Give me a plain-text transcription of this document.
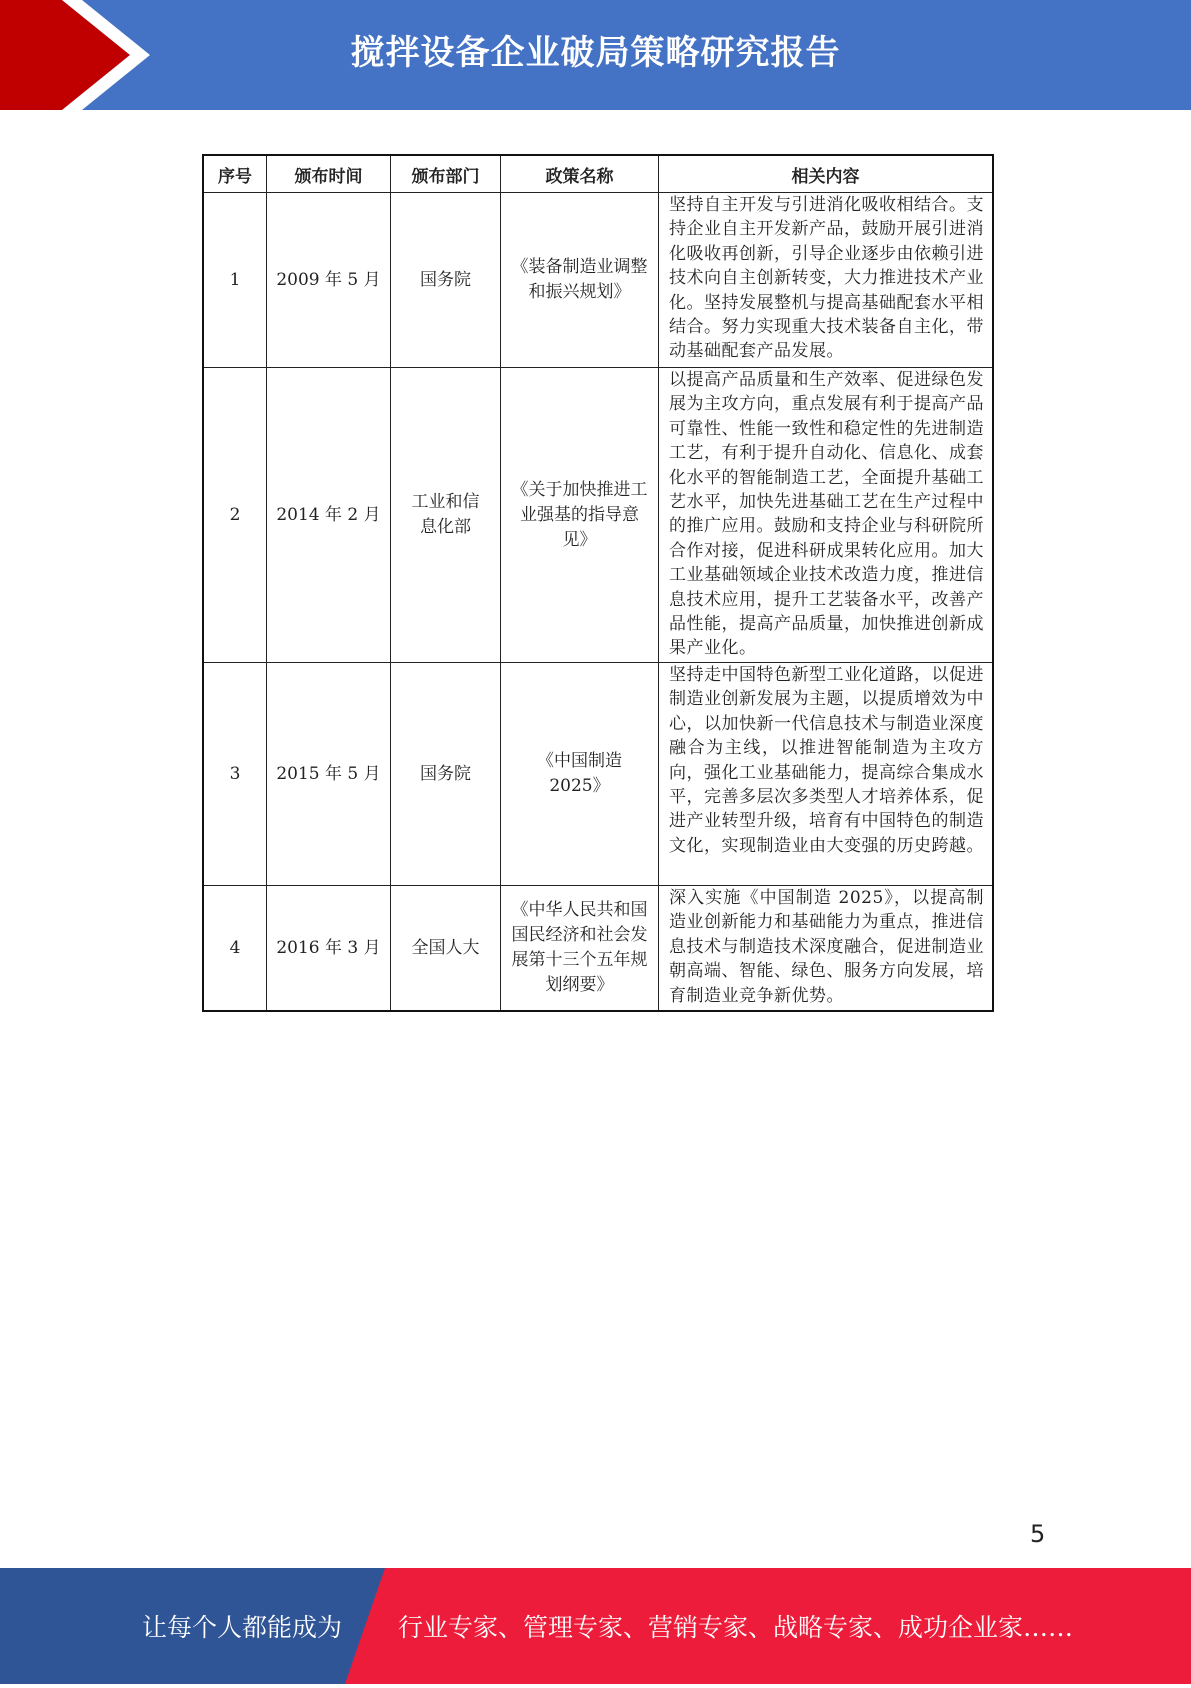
搅拌设备企业破局策略研究报告
序号	颁布时间	颁布部门	政策名称	相关内容
1	2009 年 5 月	国务院	《装备制造业调整和振兴规划》	坚持自主开发与引进消化吸收相结合。支持企业自主开发新产品，鼓励开展引进消化吸收再创新，引导企业逐步由依赖引进技术向自主创新转变，大力推进技术产业化。坚持发展整机与提高基础配套水平相结合。努力实现重大技术装备自主化，带动基础配套产品发展。
2	2014 年 2 月	工业和信息化部	《关于加快推进工业强基的指导意见》	以提高产品质量和生产效率、促进绿色发展为主攻方向，重点发展有利于提高产品可靠性、性能一致性和稳定性的先进制造工艺，有利于提升自动化、信息化、成套化水平的智能制造工艺，全面提升基础工艺水平，加快先进基础工艺在生产过程中的推广应用。鼓励和支持企业与科研院所合作对接，促进科研成果转化应用。加大工业基础领域企业技术改造力度，推进信息技术应用，提升工艺装备水平，改善产品性能，提高产品质量，加快推进创新成果产业化。
3	2015 年 5 月	国务院	《中国制造 2025》	坚持走中国特色新型工业化道路，以促进制造业创新发展为主题，以提质增效为中心，以加快新一代信息技术与制造业深度融合为主线，以推进智能制造为主攻方向，强化工业基础能力，提高综合集成水平，完善多层次多类型人才培养体系，促进产业转型升级，培育有中国特色的制造文化，实现制造业由大变强的历史跨越。
4	2016 年 3 月	全国人大	《中华人民共和国国民经济和社会发展第十三个五年规划纲要》	深入实施《中国制造 2025》，以提高制造业创新能力和基础能力为重点，推进信息技术与制造技术深度融合，促进制造业朝高端、智能、绿色、服务方向发展，培育制造业竞争新优势。
5
让每个人都能成为 行业专家、管理专家、营销专家、战略专家、成功企业家……
